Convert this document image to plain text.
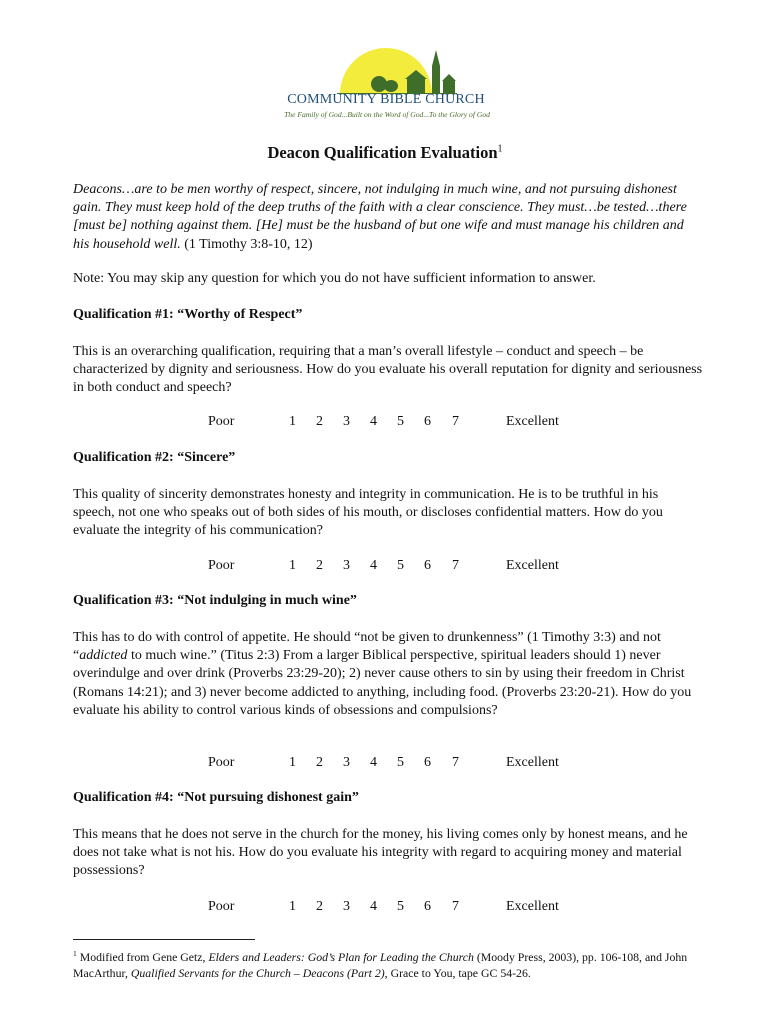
COMMUNITY BIBLE CHURCH
The Family of God...Built on the Word of God...To the Glory of God
Deacon Qualification Evaluation$^1$
Deacons…are to be men worthy of respect, sincere, not indulging in much wine, and not pursuing dishonest gain. They must keep hold of the deep truths of the faith with a clear conscience. They must…be tested…there [must be] nothing against them. [He] must be the husband of but one wife and must manage his children and his household well. (1 Timothy 3:8-10, 12)
Note: You may skip any question for which you do not have sufficient information to answer.
Qualification #1: “Worthy of Respect”
This is an overarching qualification, requiring that a man’s overall lifestyle – conduct and speech – be characterized by dignity and seriousness. How do you evaluate his overall reputation for dignity and seriousness in both conduct and speech?
Poor	1 2 3 4 5 6 7	Excellent
Qualification #2: “Sincere”
This quality of sincerity demonstrates honesty and integrity in communication. He is to be truthful in his speech, not one who speaks out of both sides of his mouth, or discloses confidential matters. How do you evaluate the integrity of his communication?
Poor	1 2 3 4 5 6 7	Excellent
Qualification #3: “Not indulging in much wine”
This has to do with control of appetite. He should “not be given to drunkenness” (1 Timothy 3:3) and not “addicted to much wine.” (Titus 2:3) From a larger Biblical perspective, spiritual leaders should 1) never overindulge and over drink (Proverbs 23:29-20); 2) never cause others to sin by using their freedom in Christ (Romans 14:21); and 3) never become addicted to anything, including food. (Proverbs 23:20-21). How do you evaluate his ability to control various kinds of obsessions and compulsions?
Poor	1 2 3 4 5 6 7	Excellent
Qualification #4: “Not pursuing dishonest gain”
This means that he does not serve in the church for the money, his living comes only by honest means, and he does not take what is not his. How do you evaluate his integrity with regard to acquiring money and material possessions?
Poor	1 2 3 4 5 6 7	Excellent
$^1$ Modified from Gene Getz, Elders and Leaders: God’s Plan for Leading the Church (Moody Press, 2003), pp. 106-108, and John MacArthur, Qualified Servants for the Church – Deacons (Part 2), Grace to You, tape GC 54-26.
